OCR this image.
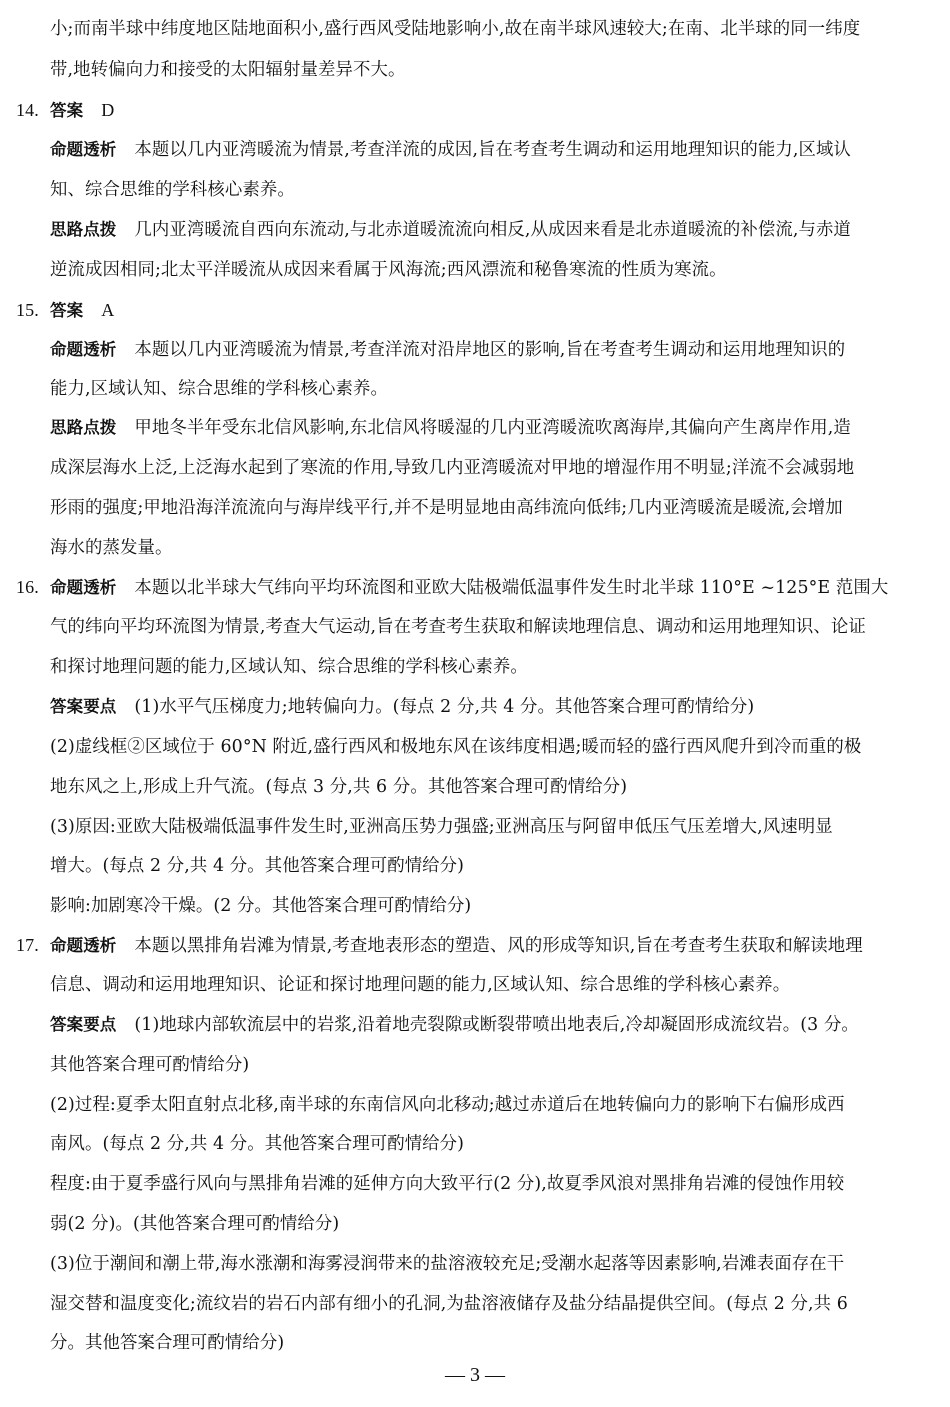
小;而南半球中纬度地区陆地面积小,盛行西风受陆地影响小,故在南半球风速较大;在南、北半球的同一纬度
带,地转偏向力和接受的太阳辐射量差异不大。
14. 答案 D
命题透析 本题以几内亚湾暖流为情景,考查洋流的成因,旨在考查考生调动和运用地理知识的能力,区域认
知、综合思维的学科核心素养。
思路点拨 几内亚湾暖流自西向东流动,与北赤道暖流流向相反,从成因来看是北赤道暖流的补偿流,与赤道
逆流成因相同;北太平洋暖流从成因来看属于风海流;西风漂流和秘鲁寒流的性质为寒流。
15. 答案 A
命题透析 本题以几内亚湾暖流为情景,考查洋流对沿岸地区的影响,旨在考查考生调动和运用地理知识的
能力,区域认知、综合思维的学科核心素养。
思路点拨 甲地冬半年受东北信风影响,东北信风将暖湿的几内亚湾暖流吹离海岸,其偏向产生离岸作用,造
成深层海水上泛,上泛海水起到了寒流的作用,导致几内亚湾暖流对甲地的增湿作用不明显;洋流不会减弱地
形雨的强度;甲地沿海洋流流向与海岸线平行,并不是明显地由高纬流向低纬;几内亚湾暖流是暖流,会增加
海水的蒸发量。
16. 命题透析 本题以北半球大气纬向平均环流图和亚欧大陆极端低温事件发生时北半球 110°E ~125°E 范围大
气的纬向平均环流图为情景,考查大气运动,旨在考查考生获取和解读地理信息、调动和运用地理知识、论证
和探讨地理问题的能力,区域认知、综合思维的学科核心素养。
答案要点 (1)水平气压梯度力;地转偏向力。(每点 2 分,共 4 分。其他答案合理可酌情给分)
(2)虚线框②区域位于 60°N 附近,盛行西风和极地东风在该纬度相遇;暖而轻的盛行西风爬升到冷而重的极
地东风之上,形成上升气流。(每点 3 分,共 6 分。其他答案合理可酌情给分)
(3)原因:亚欧大陆极端低温事件发生时,亚洲高压势力强盛;亚洲高压与阿留申低压气压差增大,风速明显
增大。(每点 2 分,共 4 分。其他答案合理可酌情给分)
影响:加剧寒冷干燥。(2 分。其他答案合理可酌情给分)
17. 命题透析 本题以黑排角岩滩为情景,考查地表形态的塑造、风的形成等知识,旨在考查考生获取和解读地理
信息、调动和运用地理知识、论证和探讨地理问题的能力,区域认知、综合思维的学科核心素养。
答案要点 (1)地球内部软流层中的岩浆,沿着地壳裂隙或断裂带喷出地表后,冷却凝固形成流纹岩。(3 分。
其他答案合理可酌情给分)
(2)过程:夏季太阳直射点北移,南半球的东南信风向北移动;越过赤道后在地转偏向力的影响下右偏形成西
南风。(每点 2 分,共 4 分。其他答案合理可酌情给分)
程度:由于夏季盛行风向与黑排角岩滩的延伸方向大致平行(2 分),故夏季风浪对黑排角岩滩的侵蚀作用较
弱(2 分)。(其他答案合理可酌情给分)
(3)位于潮间和潮上带,海水涨潮和海雾浸润带来的盐溶液较充足;受潮水起落等因素影响,岩滩表面存在干
湿交替和温度变化;流纹岩的岩石内部有细小的孔洞,为盐溶液储存及盐分结晶提供空间。(每点 2 分,共 6
分。其他答案合理可酌情给分)
— 3 —
